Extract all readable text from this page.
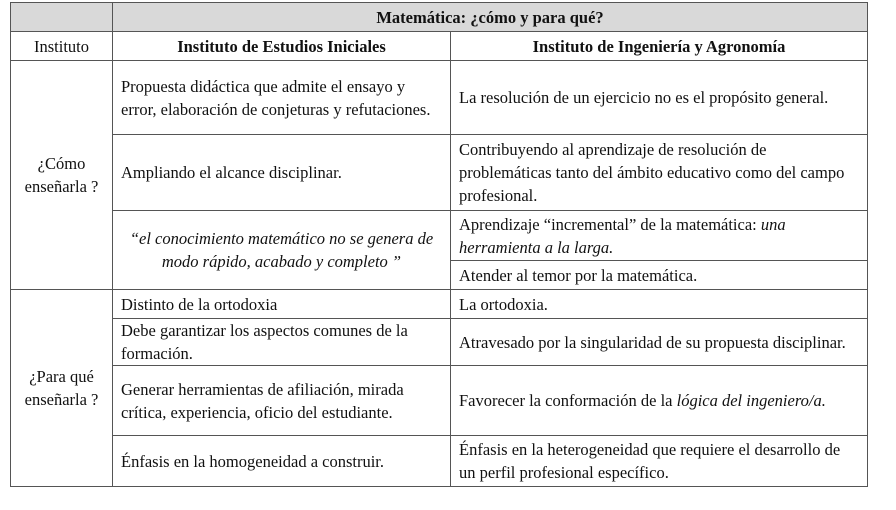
	Matemática: ¿cómo y para qué?	
Instituto	Instituto de Estudios Iniciales	Instituto de Ingeniería y Agronomía
¿Cómo enseñarla ?	Propuesta didáctica que admite el ensayo y error, elaboración de conjeturas y refutaciones.	La resolución de un ejercicio no es el propósito general.
	Ampliando el alcance disciplinar.	Contribuyendo al aprendizaje de resolución de problemáticas tanto del ámbito educativo como del campo profesional.
	“el conocimiento matemático no se genera de modo rápido, acabado y completo ”	Aprendizaje “incremental” de la matemática: una herramienta a la larga.
		Atender al temor por la matemática.
¿Para qué enseñarla ?	Distinto de la ortodoxia	La ortodoxia.
	Debe garantizar los aspectos comunes de la formación.	Atravesado por la singularidad de su propuesta disciplinar.
	Generar herramientas de afiliación, mirada crítica, experiencia, oficio del estudiante.	Favorecer la conformación de la lógica del ingeniero/a.
	Énfasis en la homogeneidad a construir.	Énfasis en la heterogeneidad que requiere el desarrollo de un perfil profesional específico.
